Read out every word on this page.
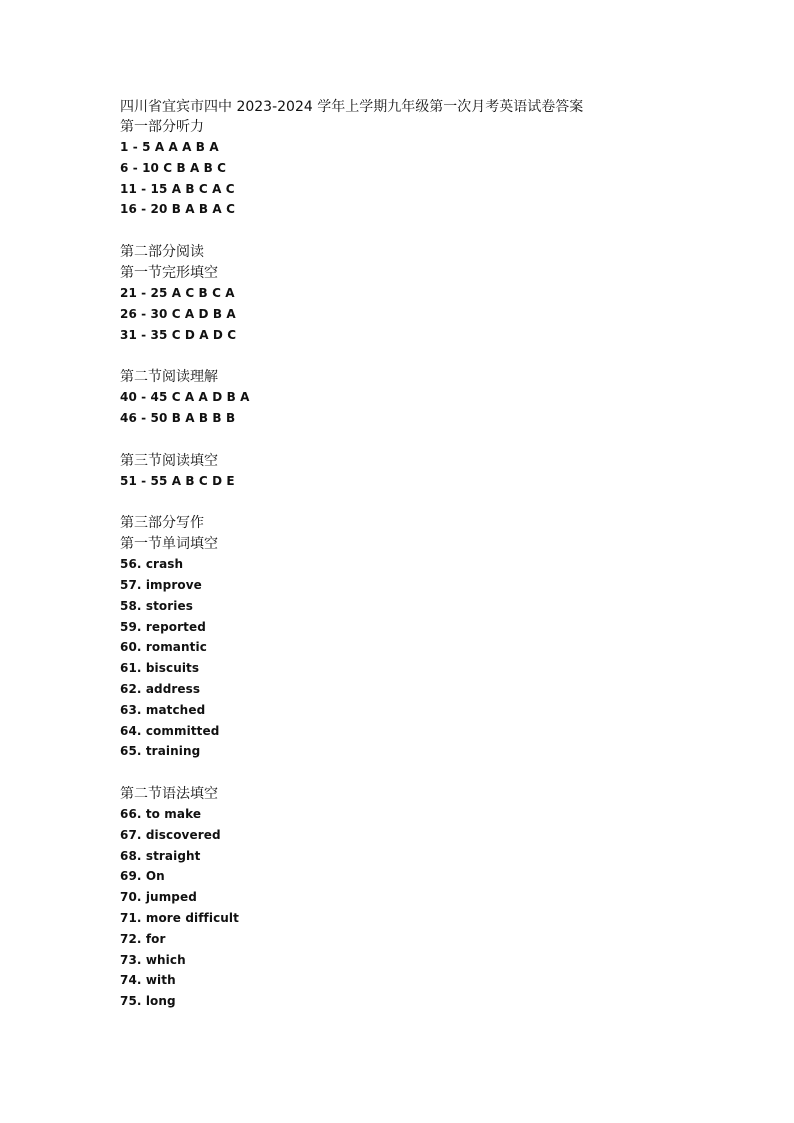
四川省宜宾市四中 2023-2024 学年上学期九年级第一次月考英语试卷答案
第一部分听力
1 - 5 A A A B A
6 - 10 C B A B C
11 - 15 A B C A C
16 - 20 B A B A C
第二部分阅读
第一节完形填空
21 - 25 A C B C A
26 - 30 C A D B A
31 - 35 C D A D C
第二节阅读理解
40 - 45 C A A D B A
46 - 50 B A B B B
第三节阅读填空
51 - 55 A B C D E
第三部分写作
第一节单词填空
56. crash
57. improve
58. stories
59. reported
60. romantic
61. biscuits
62. address
63. matched
64. committed
65. training
第二节语法填空
66. to make
67. discovered
68. straight
69. On
70. jumped
71. more difficult
72. for
73. which
74. with
75. long
